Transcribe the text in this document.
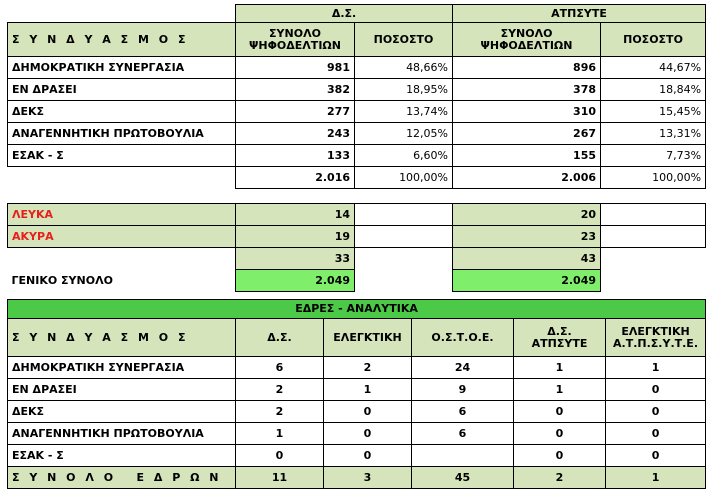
	Δ.Σ.		ΑΤΠΣΥΤΕ	
Σ Υ Ν Δ Υ Α Σ Μ Ο Σ	ΣΥΝΟΛΟ ΨΗΦΟΔΕΛΤΙΩΝ	ΠΟΣΟΣΤΟ	ΣΥΝΟΛΟ ΨΗΦΟΔΕΛΤΙΩΝ	ΠΟΣΟΣΤΟ
ΔΗΜΟΚΡΑΤΙΚΗ ΣΥΝΕΡΓΑΣΙΑ	981	48,66%	896	44,67%
ΕΝ ΔΡΑΣΕΙ	382	18,95%	378	18,84%
ΔΕΚΣ	277	13,74%	310	15,45%
ΑΝΑΓΕΝΝΗΤΙΚΗ ΠΡΩΤΟΒΟΥΛΙΑ	243	12,05%	267	13,31%
ΕΣΑΚ - Σ	133	6,60%	155	7,73%
	2.016	100,00%	2.006	100,00%

ΛΕΥΚΑ	14		20	
ΑΚΥΡΑ	19		23	
	33		43	
ΓΕΝΙΚΟ ΣΥΝΟΛΟ	2.049		2.049	
ΕΔΡΕΣ - ΑΝΑΛΥΤΙΚΑ					
Σ Υ Ν Δ Υ Α Σ Μ Ο Σ	Δ.Σ.	ΕΛΕΓΚΤΙΚΗ	Ο.Σ.Τ.Ο.Ε.	Δ.Σ. ΑΤΠΣΥΤΕ	ΕΛΕΓΚΤΙΚΗ Α.Τ.Π.Σ.Υ.Τ.Ε.
ΔΗΜΟΚΡΑΤΙΚΗ ΣΥΝΕΡΓΑΣΙΑ	6	2	24	1	1
ΕΝ ΔΡΑΣΕΙ	2	1	9	1	0
ΔΕΚΣ	2	0	6	0	0
ΑΝΑΓΕΝΝΗΤΙΚΗ ΠΡΩΤΟΒΟΥΛΙΑ	1	0	6	0	0
ΕΣΑΚ - Σ	0	0		0	0
Σ Υ Ν Ο Λ Ο   Ε Δ Ρ Ω Ν	11	3	45	2	1
